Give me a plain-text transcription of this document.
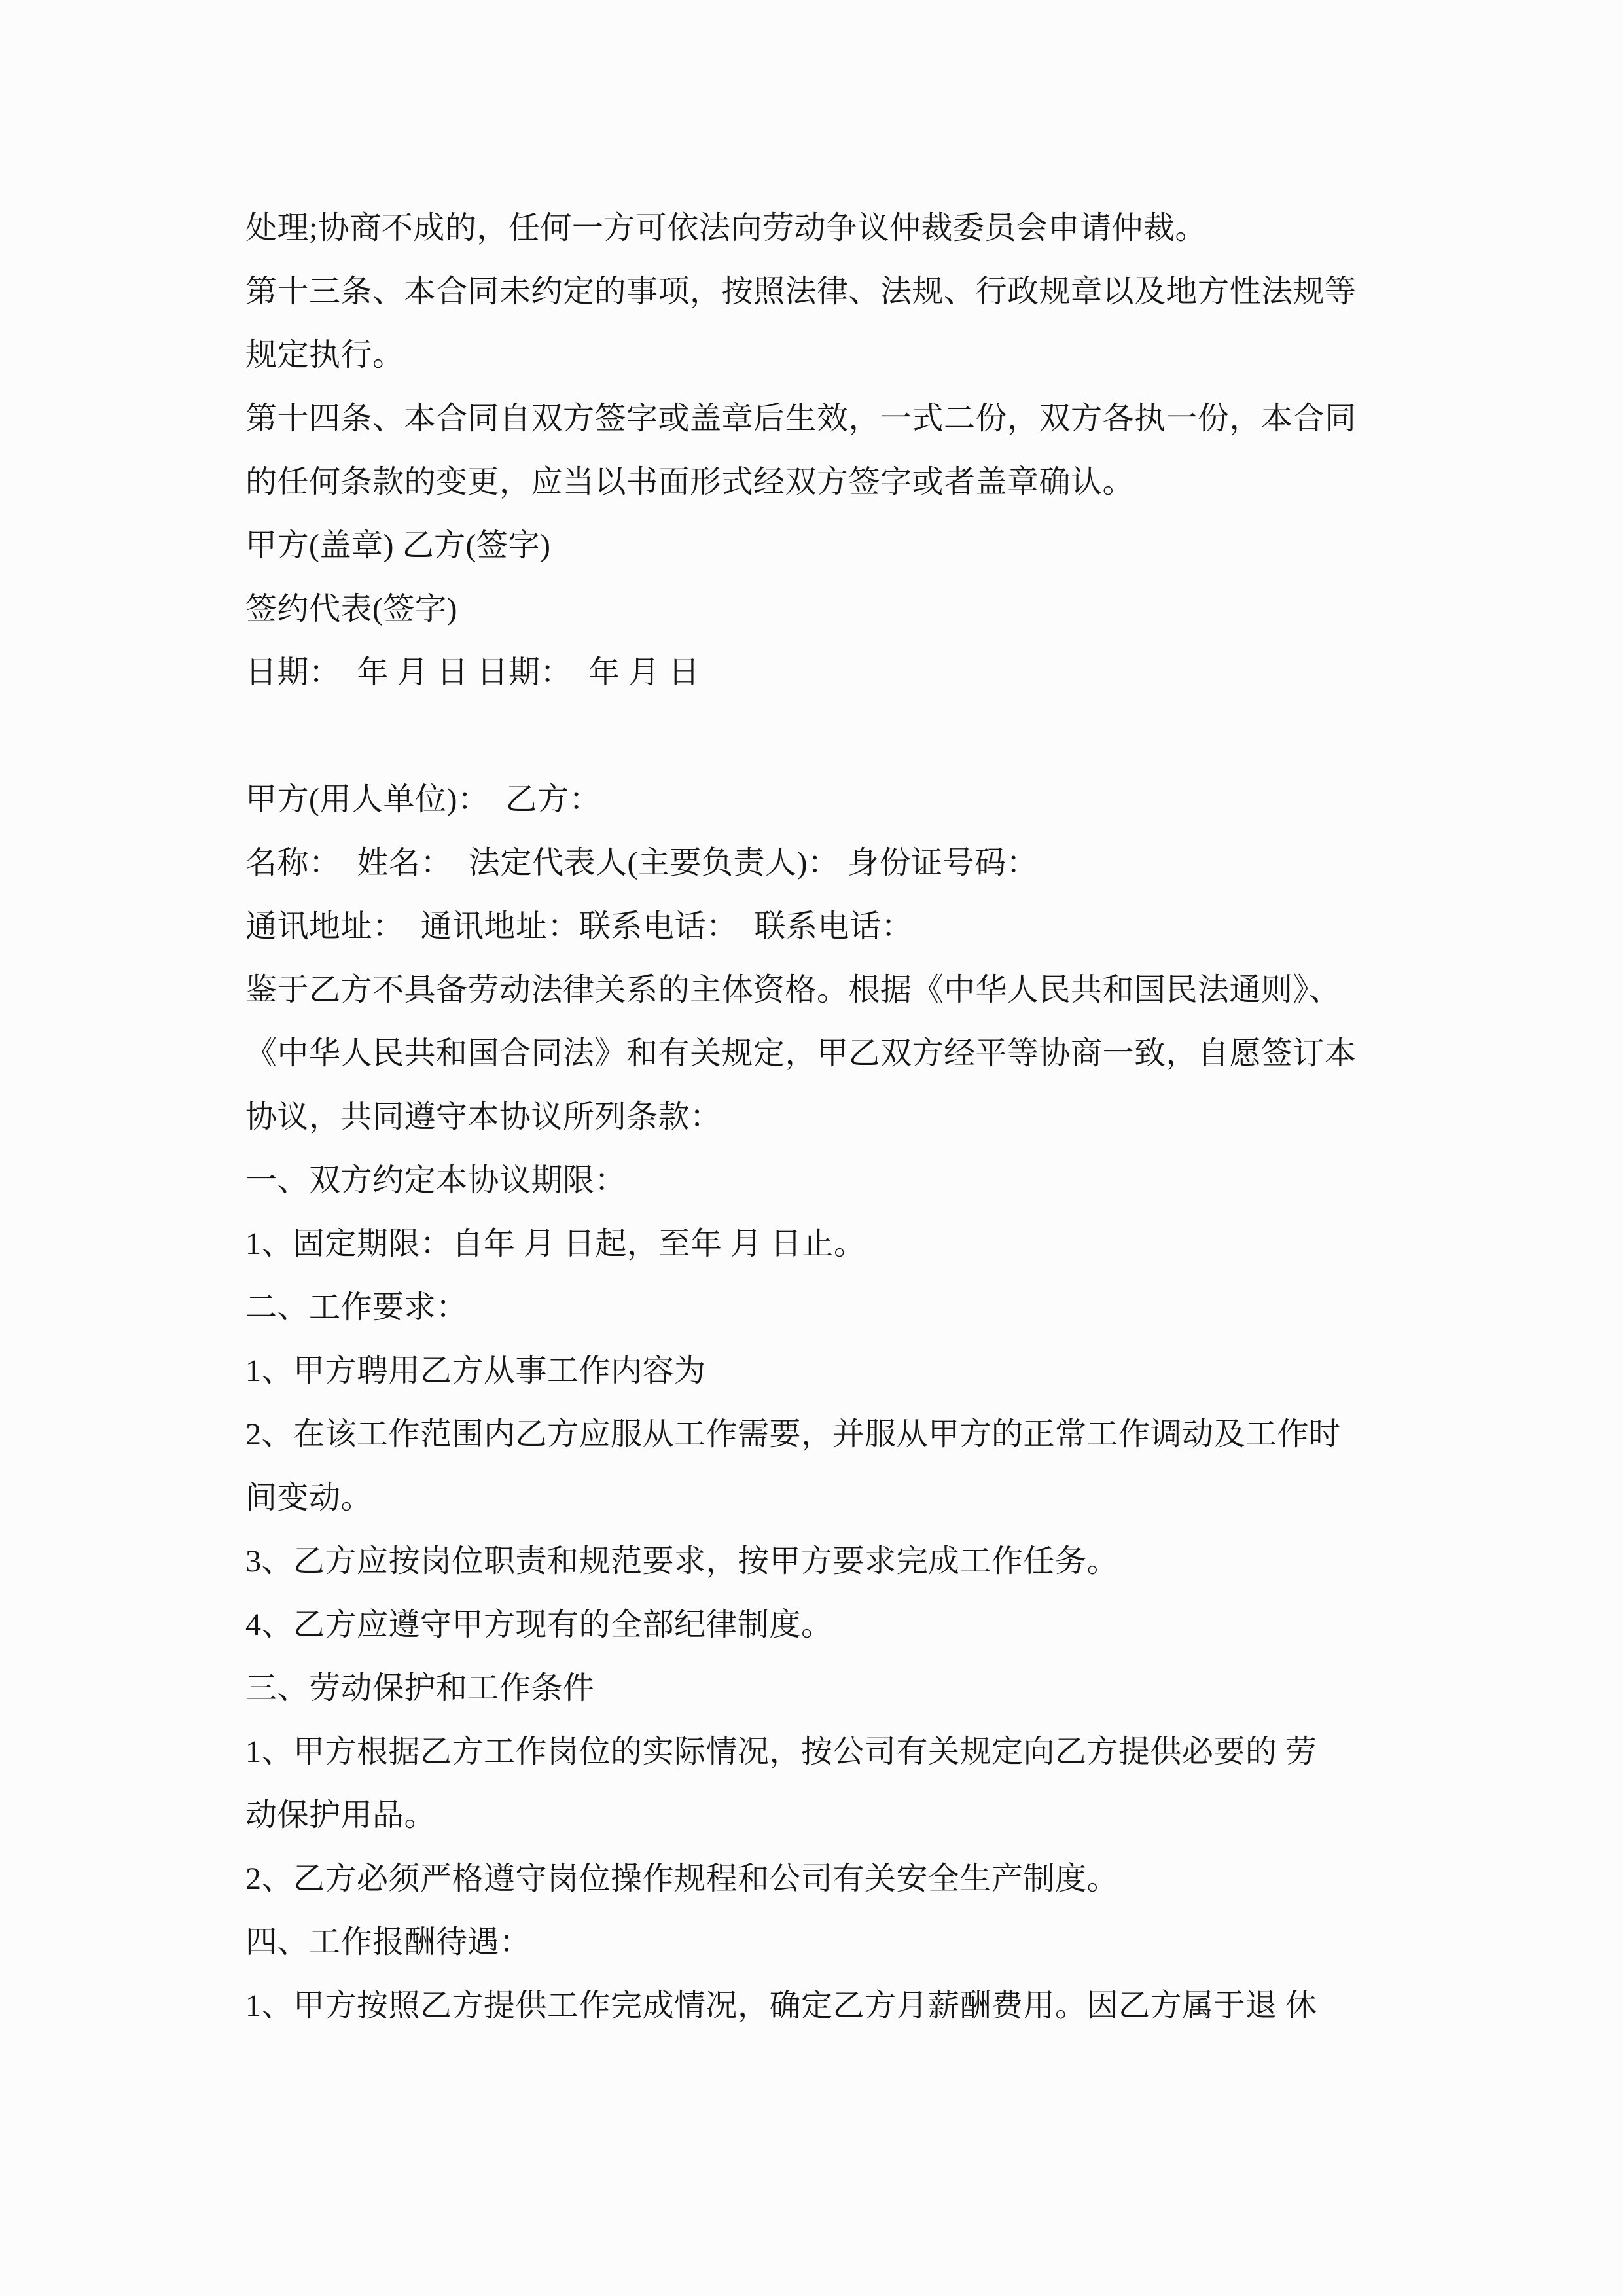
处理;协商不成的，任何一方可依法向劳动争议仲裁委员会申请仲裁。
第十三条、本合同未约定的事项，按照法律、法规、行政规章以及地方性法规等
规定执行。
第十四条、本合同自双方签字或盖章后生效，一式二份，双方各执一份，本合同
的任何条款的变更，应当以书面形式经双方签字或者盖章确认。
甲方(盖章) 乙方(签字)
签约代表(签字)
日期：  年 月 日 日期：  年 月 日

甲方(用人单位)：  乙方：
名称：  姓名：  法定代表人(主要负责人)： 身份证号码：
通讯地址：  通讯地址：联系电话：  联系电话：
鉴于乙方不具备劳动法律关系的主体资格。根据《中华人民共和国民法通则》、
《中华人民共和国合同法》和有关规定，甲乙双方经平等协商一致，自愿签订本
协议，共同遵守本协议所列条款：
一、双方约定本协议期限：
1、固定期限：自年 月 日起，至年 月 日止。
二、工作要求：
1、甲方聘用乙方从事工作内容为
2、在该工作范围内乙方应服从工作需要，并服从甲方的正常工作调动及工作时
间变动。
3、乙方应按岗位职责和规范要求，按甲方要求完成工作任务。
4、乙方应遵守甲方现有的全部纪律制度。
三、劳动保护和工作条件
1、甲方根据乙方工作岗位的实际情况，按公司有关规定向乙方提供必要的 劳
动保护用品。
2、乙方必须严格遵守岗位操作规程和公司有关安全生产制度。
四、工作报酬待遇：
1、甲方按照乙方提供工作完成情况，确定乙方月薪酬费用。因乙方属于退 休
